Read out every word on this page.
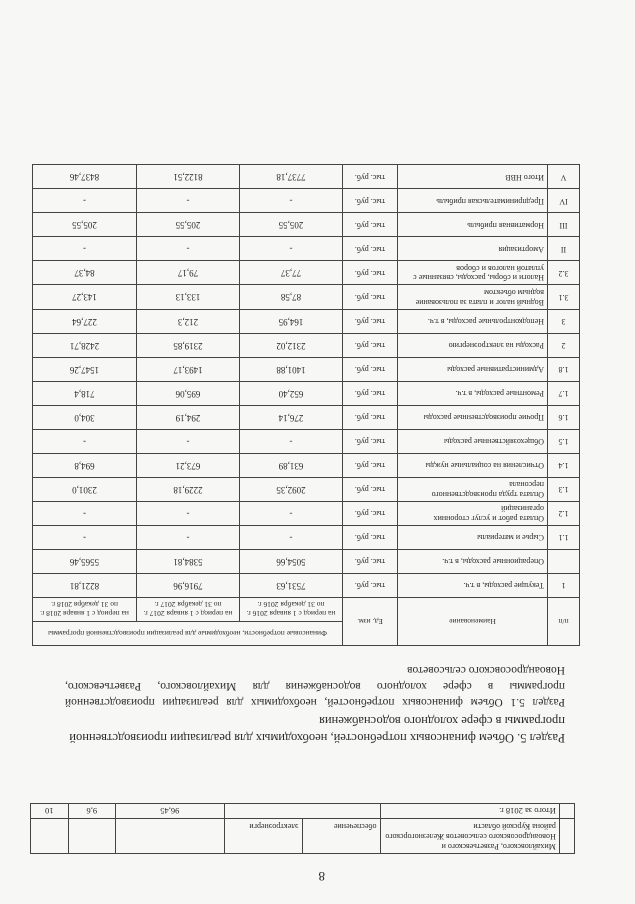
8
	Михайловского, Разветьевского и Новоандросовского сельсоветов Железногорского района Курской области	обеспечение	электроэнерги			
	Итого за 2018 г.			96,45	9,6	10
Раздел 5. Объем финансовых потребностей, необходимых для реализации производственной программы в сфере холодного водоснабжения
Раздел 5.1 Объем финансовых потребностей, необходимых для реализации производственной программы в сфере холодного водоснабжения для Михайловского, Разветьевского, Новоандросовского сельсоветов
п/п	Наименование	Ед. изм.	Финансовые потребности, необходимые для реализации производственной программы		
			на период с 1 января 2016 г. по 31 декабря 2016 г.	на период с 1 января 2017 г. по 31 декабря 2017 г.	на период с 1 января 2018 г. по 31 декабря 2018 г.
1	Текущие расходы, в т.ч.	тыс. руб.	7531,63	7916,96	8221,81
	Операционные расходы, в т.ч.	тыс. руб.	5054,66	5384,81	5565,46
1.1	Сырье и материалы	тыс. руб.	-	-	-
1.2	Оплата работ и услуг сторонних организаций	тыс. руб.	-	-	-
1.3	Оплата труда производственного персонала	тыс. руб.	2092,35	2229,18	2301,0
1.4	Отчисления на социальные нужды	тыс. руб.	631,89	673,21	694,8
1.5	Общехозяйственные расходы	тыс. руб.	-	-	-
1.6	Прочие производственные расходы	тыс. руб.	276,14	294,19	304,0
1.7	Ремонтные расходы, в т.ч.	тыс. руб.	652,40	695,06	718,4
1.8	Административные расходы	тыс. руб.	1401,88	1493,17	1547,26
2	Расходы на электроэнергию	тыс. руб.	2312,02	2319,85	2428,71
3	Неподконтрольные расходы, в т.ч.	тыс. руб.	164,95	212,3	227,64
3.1	Водный налог и плата за пользование водным объектом	тыс. руб.	87,58	133,13	143,27
3.2	Налоги и сборы, расходы, связанные с уплатой налогов и сборов	тыс. руб.	77,37	79,17	84,37
II	Амортизация	тыс. руб.	-	-	-
III	Нормативная прибыль	тыс. руб.	205,55	205,55	205,55
IV	Предпринимательская прибыль	тыс. руб.	-	-	-
V	Итого НВВ	тыс. руб.	7737,18	8122,51	8437,46
